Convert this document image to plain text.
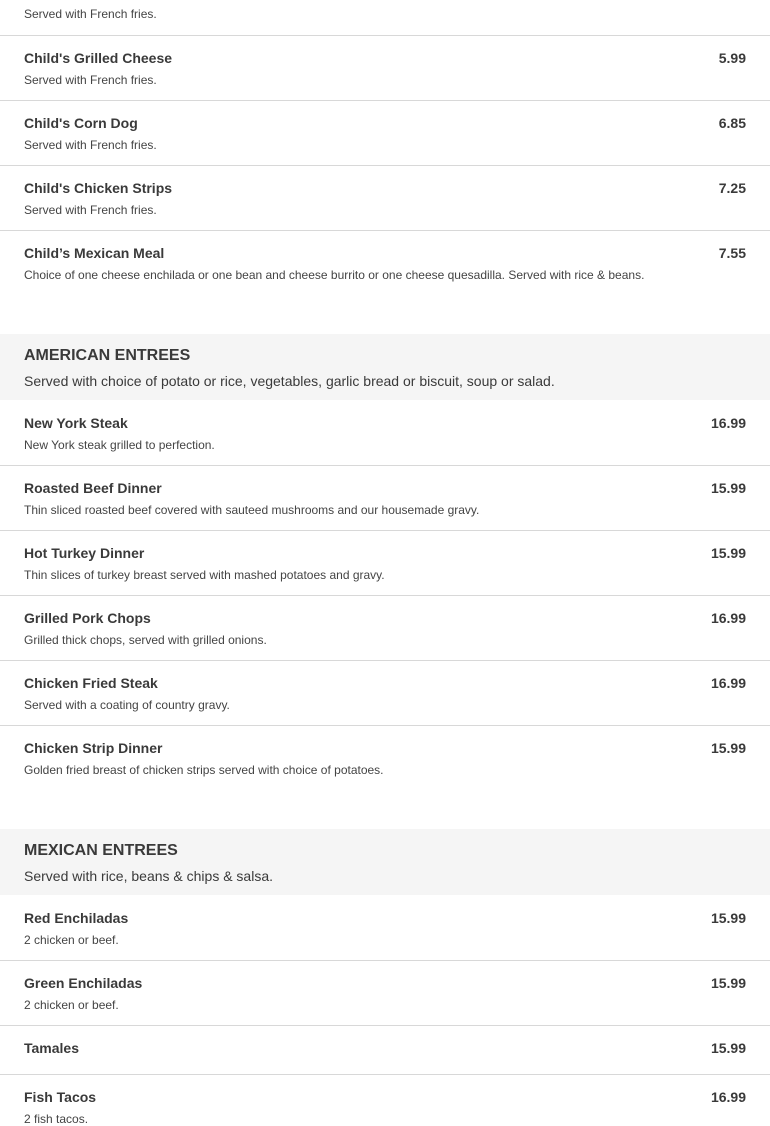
Served with French fries.
Child's Grilled Cheese	5.99
Served with French fries.
Child's Corn Dog	6.85
Served with French fries.
Child's Chicken Strips	7.25
Served with French fries.
Child’s Mexican Meal	7.55
Choice of one cheese enchilada or one bean and cheese burrito or one cheese quesadilla. Served with rice & beans.
AMERICAN ENTREES
Served with choice of potato or rice, vegetables, garlic bread or biscuit, soup or salad.
New York Steak	16.99
New York steak grilled to perfection.
Roasted Beef Dinner	15.99
Thin sliced roasted beef covered with sauteed mushrooms and our housemade gravy.
Hot Turkey Dinner	15.99
Thin slices of turkey breast served with mashed potatoes and gravy.
Grilled Pork Chops	16.99
Grilled thick chops, served with grilled onions.
Chicken Fried Steak	16.99
Served with a coating of country gravy.
Chicken Strip Dinner	15.99
Golden fried breast of chicken strips served with choice of potatoes.
MEXICAN ENTREES
Served with rice, beans & chips & salsa.
Red Enchiladas	15.99
2 chicken or beef.
Green Enchiladas	15.99
2 chicken or beef.
Tamales	15.99
Fish Tacos	16.99
2 fish tacos.
